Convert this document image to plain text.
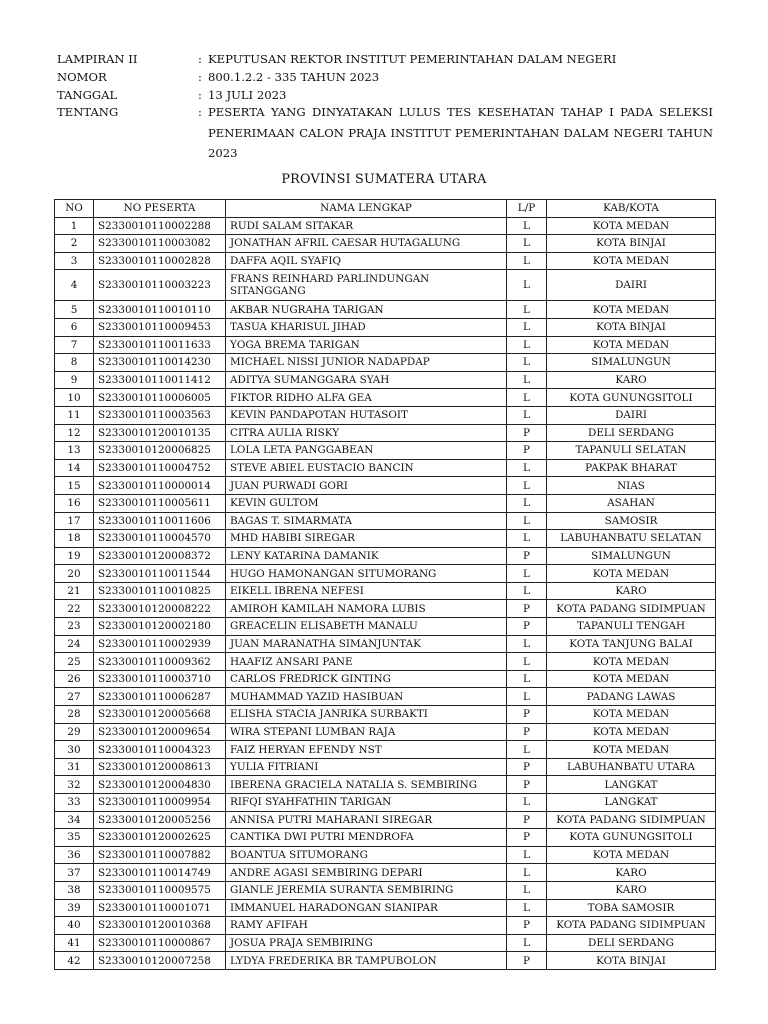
LAMPIRAN II	: KEPUTUSAN REKTOR INSTITUT PEMERINTAHAN DALAM NEGERI
NOMOR	: 800.1.2.2 - 335 TAHUN 2023
TANGGAL	: 13 JULI 2023
TENTANG	: PESERTA YANG DINYATAKAN LULUS TES KESEHATAN TAHAP I PADA SELEKSI PENERIMAAN CALON PRAJA INSTITUT PEMERINTAHAN DALAM NEGERI TAHUN 2023
PROVINSI SUMATERA UTARA
NO	NO PESERTA	NAMA LENGKAP	L/P	KAB/KOTA
1	S2330010110002288	RUDI SALAM SITAKAR	L	KOTA MEDAN
2	S2330010110003082	JONATHAN AFRIL CAESAR HUTAGALUNG	L	KOTA BINJAI
3	S2330010110002828	DAFFA AQIL SYAFIQ	L	KOTA MEDAN
4	S2330010110003223	FRANS REINHARD PARLINDUNGAN SITANGGANG	L	DAIRI
5	S2330010110010110	AKBAR NUGRAHA TARIGAN	L	KOTA MEDAN
6	S2330010110009453	TASUA KHARISUL JIHAD	L	KOTA BINJAI
7	S2330010110011633	YOGA BREMA TARIGAN	L	KOTA MEDAN
8	S2330010110014230	MICHAEL NISSI JUNIOR NADAPDAP	L	SIMALUNGUN
9	S2330010110011412	ADITYA SUMANGGARA SYAH	L	KARO
10	S2330010110006005	FIKTOR RIDHO ALFA GEA	L	KOTA GUNUNGSITOLI
11	S2330010110003563	KEVIN PANDAPOTAN HUTASOIT	L	DAIRI
12	S2330010120010135	CITRA AULIA RISKY	P	DELI SERDANG
13	S2330010120006825	LOLA LETA PANGGABEAN	P	TAPANULI SELATAN
14	S2330010110004752	STEVE ABIEL EUSTACIO BANCIN	L	PAKPAK BHARAT
15	S2330010110000014	JUAN PURWADI GORI	L	NIAS
16	S2330010110005611	KEVIN GULTOM	L	ASAHAN
17	S2330010110011606	BAGAS T. SIMARMATA	L	SAMOSIR
18	S2330010110004570	MHD HABIBI SIREGAR	L	LABUHANBATU SELATAN
19	S2330010120008372	LENY KATARINA DAMANIK	P	SIMALUNGUN
20	S2330010110011544	HUGO HAMONANGAN SITUMORANG	L	KOTA MEDAN
21	S2330010110010825	EIKELL IBRENA NEFESI	L	KARO
22	S2330010120008222	AMIROH KAMILAH NAMORA LUBIS	P	KOTA PADANG SIDIMPUAN
23	S2330010120002180	GREACELIN ELISABETH MANALU	P	TAPANULI TENGAH
24	S2330010110002939	JUAN MARANATHA SIMANJUNTAK	L	KOTA TANJUNG BALAI
25	S2330010110009362	HAAFIZ ANSARI PANE	L	KOTA MEDAN
26	S2330010110003710	CARLOS FREDRICK GINTING	L	KOTA MEDAN
27	S2330010110006287	MUHAMMAD YAZID HASIBUAN	L	PADANG LAWAS
28	S2330010120005668	ELISHA STACIA JANRIKA SURBAKTI	P	KOTA MEDAN
29	S2330010120009654	WIRA STEPANI LUMBAN RAJA	P	KOTA MEDAN
30	S2330010110004323	FAIZ HERYAN EFENDY NST	L	KOTA MEDAN
31	S2330010120008613	YULIA FITRIANI	P	LABUHANBATU UTARA
32	S2330010120004830	IBERENA GRACIELA NATALIA S. SEMBIRING	P	LANGKAT
33	S2330010110009954	RIFQI SYAHFATHIN TARIGAN	L	LANGKAT
34	S2330010120005256	ANNISA PUTRI MAHARANI SIREGAR	P	KOTA PADANG SIDIMPUAN
35	S2330010120002625	CANTIKA DWI PUTRI MENDROFA	P	KOTA GUNUNGSITOLI
36	S2330010110007882	BOANTUA SITUMORANG	L	KOTA MEDAN
37	S2330010110014749	ANDRE AGASI SEMBIRING DEPARI	L	KARO
38	S2330010110009575	GIANLE JEREMIA SURANTA SEMBIRING	L	KARO
39	S2330010110001071	IMMANUEL HARADONGAN SIANIPAR	L	TOBA SAMOSIR
40	S2330010120010368	RAMY AFIFAH	P	KOTA PADANG SIDIMPUAN
41	S2330010110000867	JOSUA PRAJA SEMBIRING	L	DELI SERDANG
42	S2330010120007258	LYDYA FREDERIKA BR TAMPUBOLON	P	KOTA BINJAI
